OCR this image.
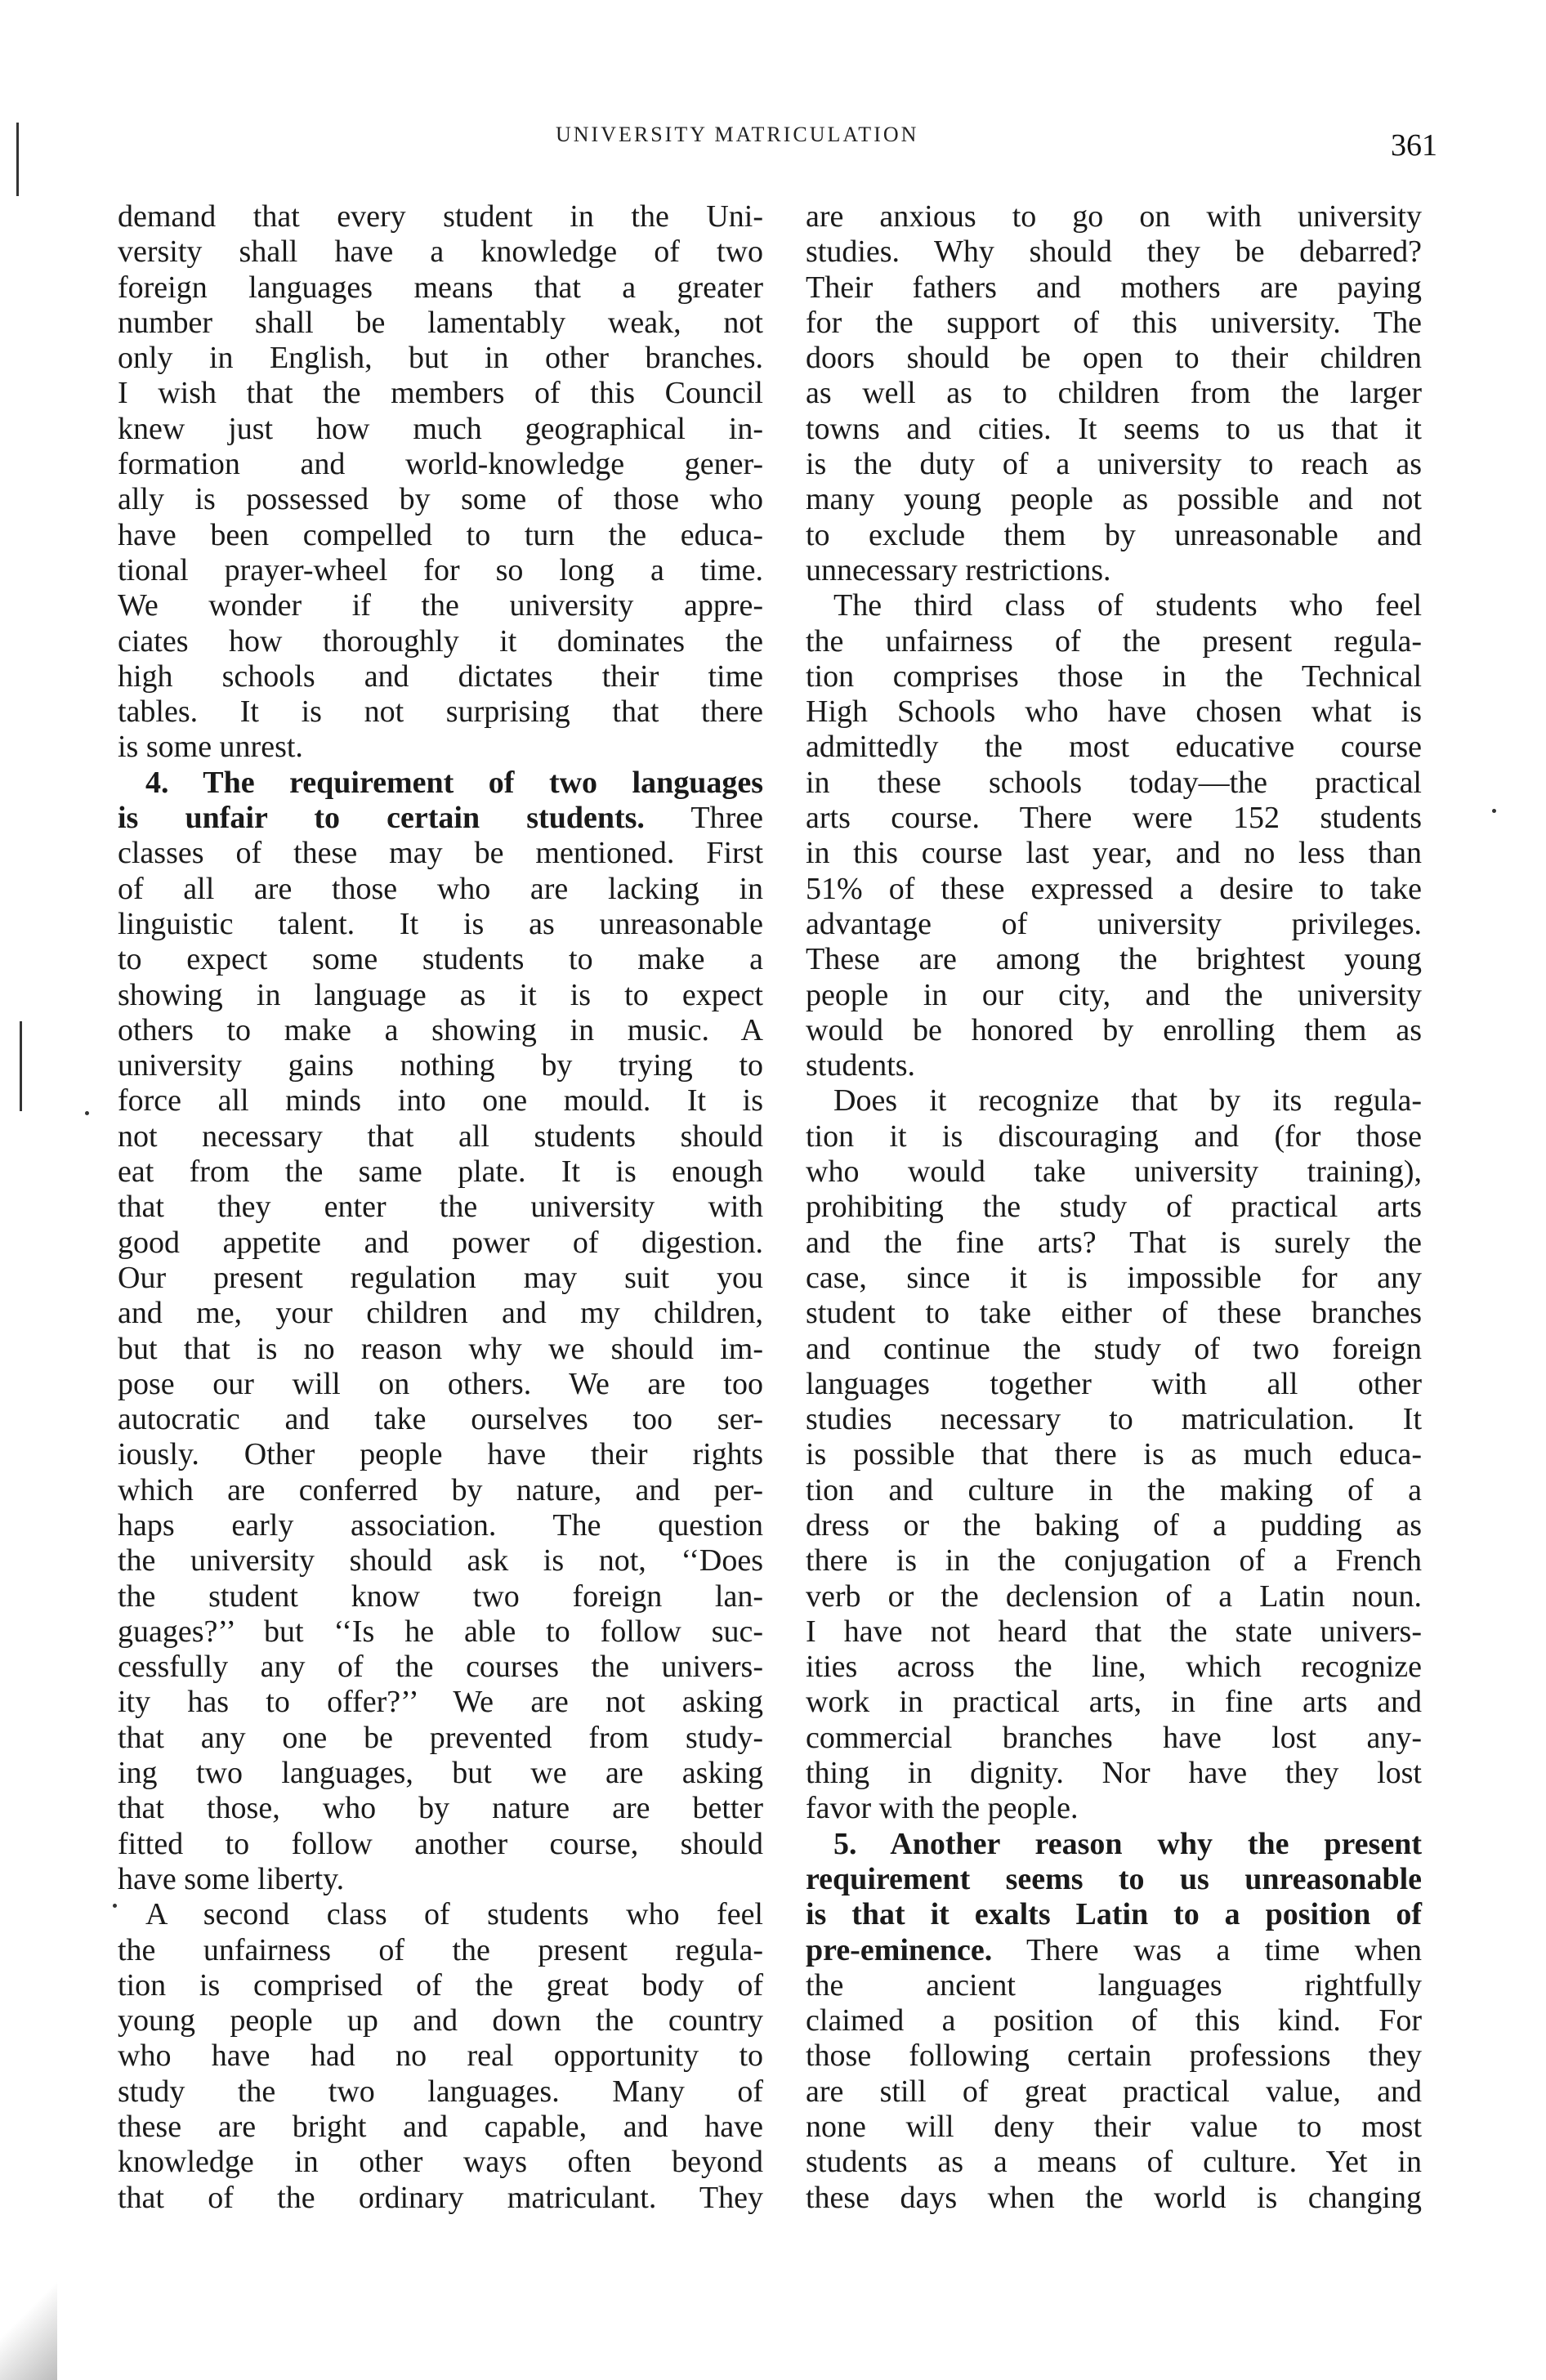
UNIVERSITY MATRICULATION	361
demand that every student in the Uni-
versity shall have a knowledge of two
foreign languages means that a greater
number shall be lamentably weak, not
only in English, but in other branches.
I wish that the members of this Council
knew just how much geographical in-
formation and world-knowledge gener-
ally is possessed by some of those who
have been compelled to turn the educa-
tional prayer-wheel for so long a time.
We wonder if the university appre-
ciates how thoroughly it dominates the
high schools and dictates their time
tables. It is not surprising that there
is some unrest.
4. The requirement of two languages
is unfair to certain students. Three
classes of these may be mentioned. First
of all are those who are lacking in
linguistic talent. It is as unreasonable
to expect some students to make a
showing in language as it is to expect
others to make a showing in music. A
university gains nothing by trying to
force all minds into one mould. It is
not necessary that all students should
eat from the same plate. It is enough
that they enter the university with
good appetite and power of digestion.
Our present regulation may suit you
and me, your children and my children,
but that is no reason why we should im-
pose our will on others. We are too
autocratic and take ourselves too ser-
iously. Other people have their rights
which are conferred by nature, and per-
haps early association. The question
the university should ask is not, ‘‘Does
the student know two foreign lan-
guages?’’ but ‘‘Is he able to follow suc-
cessfully any of the courses the univers-
ity has to offer?’’ We are not asking
that any one be prevented from study-
ing two languages, but we are asking
that those, who by nature are better
fitted to follow another course, should
have some liberty.
A second class of students who feel
the unfairness of the present regula-
tion is comprised of the great body of
young people up and down the country
who have had no real opportunity to
study the two languages. Many of
these are bright and capable, and have
knowledge in other ways often beyond
that of the ordinary matriculant. They
are anxious to go on with university
studies. Why should they be debarred?
Their fathers and mothers are paying
for the support of this university. The
doors should be open to their children
as well as to children from the larger
towns and cities. It seems to us that it
is the duty of a university to reach as
many young people as possible and not
to exclude them by unreasonable and
unnecessary restrictions.
The third class of students who feel
the unfairness of the present regula-
tion comprises those in the Technical
High Schools who have chosen what is
admittedly the most educative course
in these schools today—the practical
arts course. There were 152 students
in this course last year, and no less than
51% of these expressed a desire to take
advantage of university privileges.
These are among the brightest young
people in our city, and the university
would be honored by enrolling them as
students.
Does it recognize that by its regula-
tion it is discouraging and (for those
who would take university training),
prohibiting the study of practical arts
and the fine arts? That is surely the
case, since it is impossible for any
student to take either of these branches
and continue the study of two foreign
languages together with all other
studies necessary to matriculation. It
is possible that there is as much educa-
tion and culture in the making of a
dress or the baking of a pudding as
there is in the conjugation of a French
verb or the declension of a Latin noun.
I have not heard that the state univers-
ities across the line, which recognize
work in practical arts, in fine arts and
commercial branches have lost any-
thing in dignity. Nor have they lost
favor with the people.
5. Another reason why the present
requirement seems to us unreasonable
is that it exalts Latin to a position of
pre-eminence. There was a time when
the ancient languages rightfully
claimed a position of this kind. For
those following certain professions they
are still of great practical value, and
none will deny their value to most
students as a means of culture. Yet in
these days when the world is changing
